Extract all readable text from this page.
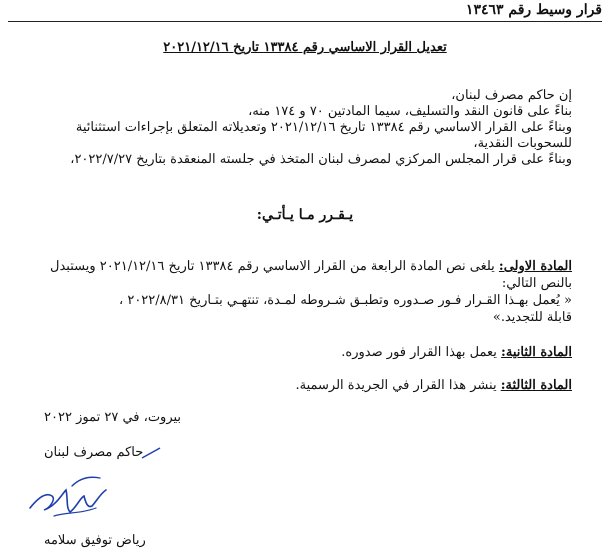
قرار وسيط رقم ١٣٤٦٣
تعديل القرار الاساسي رقم ١٣٣٨٤ تاريخ ٢٠٢١/١٢/١٦
إن حاكم مصرف لبنان،
بناءً على قانون النقد والتسليف، سيما المادتين ٧٠ و ١٧٤ منه،
وبناءً على القرار الاساسي رقم ١٣٣٨٤ تاريخ ٢٠٢١/١٢/١٦ وتعديلاته المتعلق بإجراءات استثنائية
للسحوبات النقدية،
وبناءً على قرار المجلس المركزي لمصرف لبنان المتخذ في جلسته المنعقدة بتاريخ ٢٠٢٢/٧/٢٧،
يـقـرر مـا يـأتـي:
المادة الاولى: يلغى نص المادة الرابعة من القرار الاساسي رقم ١٣٣٨٤ تاريخ ٢٠٢١/١٢/١٦ ويستبدل
بالنص التالي:
« يُعمل بهـذا القـرار فـور صـدوره وتطبـق شـروطه لمـدة، تنتهـي بتـاريخ ٢٠٢٢/٨/٣١ ،
قابلة للتجديد.»
المادة الثانية: يعمل بهذا القرار فور صدوره.
المادة الثالثة: ينشر هذا القرار في الجريدة الرسمية.
بيروت، في ٢٧ تموز ٢٠٢٢
حاكم مصرف لبنان
رياض توفيق سلامه
